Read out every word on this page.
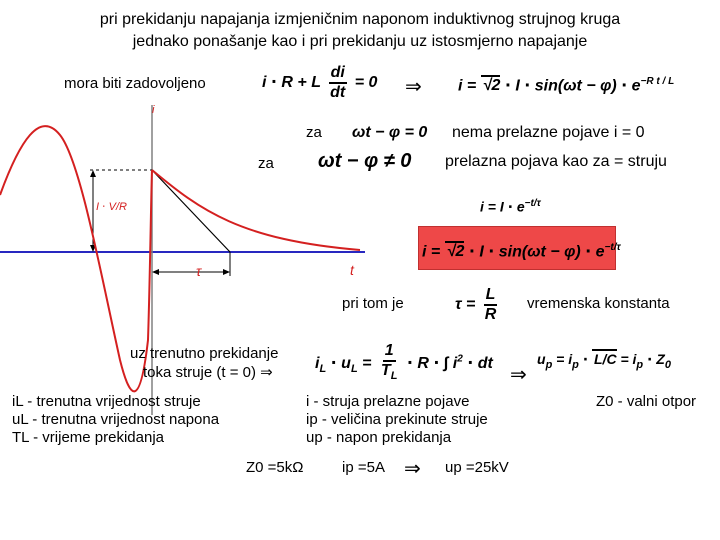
pri prekidanju napajanja izmjeničnim naponom induktivnog strujnog kruga
jednako ponašanje kao i pri prekidanju uz istosmjerno napajanje
mora biti zadovoljeno	i ⋅ R + L $\frac{di}{dt} = 0$ ⇒ $i = √2 \cdot I \cdot \sin(\omega t - \varphi) \cdot e^{-R t / L}$
i
t
τ
I ⋅ V/R
za ωt − φ = 0 nema prelazne pojave i = 0
za ωt − φ ≠ 0 prelazna pojava kao za = struju
$i = I \cdot e^{-t/\tau}$
$i = √2 \cdot I \cdot \sin(\omega t - \varphi) \cdot e^{-t/\tau}$
pri tom je	$\tau = \frac{L}{R}$ vremenska konstanta
uz trenutno prekidanje
toka struje (t = 0) ⇒
$i_L \cdot u_L = \frac{1}{T_L} \cdot R$ ⋅ ∫ $i^2$ ⋅ dt
⇒
$u_p = i_p \cdot L/C = i_p \cdot Z_0$
iL - trenutna vrijednost struje
uL - trenutna vrijednost napona
TL - vrijeme prekidanja
i - struja prelazne pojave
ip - veličina prekinute struje
up - napon prekidanja
Z0 - valni otpor
Z0 =5kΩ	ip =5A ⇒ up =25kV
